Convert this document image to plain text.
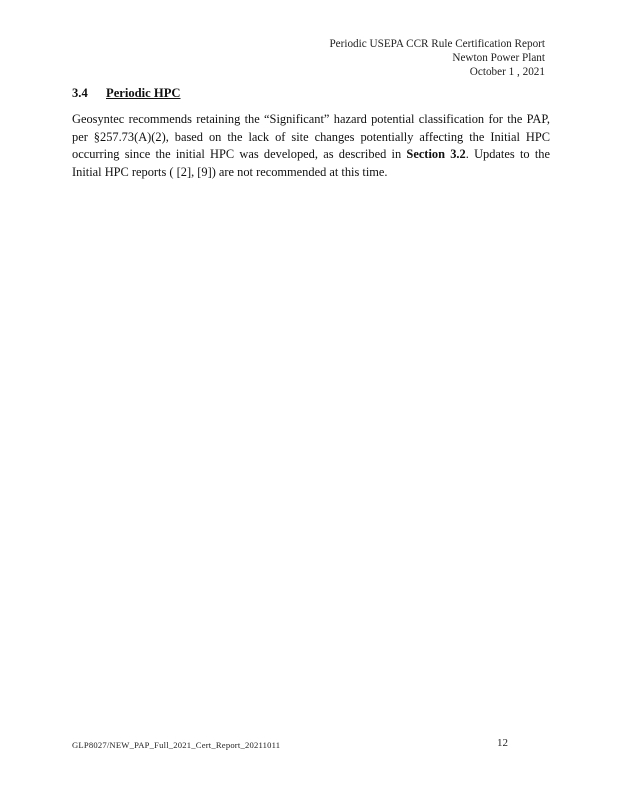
Periodic USEPA CCR Rule Certification Report
Newton Power Plant
October 1 , 2021
3.4	Periodic HPC

Geosyntec recommends retaining the “Significant” hazard potential classification for the PAP, per §257.73(A)(2), based on the lack of site changes potentially affecting the Initial HPC occurring since the initial HPC was developed, as described in Section 3.2. Updates to the Initial HPC reports ( [2], [9]) are not recommended at this time.

GLP8027/NEW_PAP_Full_2021_Cert_Report_20211011	12
